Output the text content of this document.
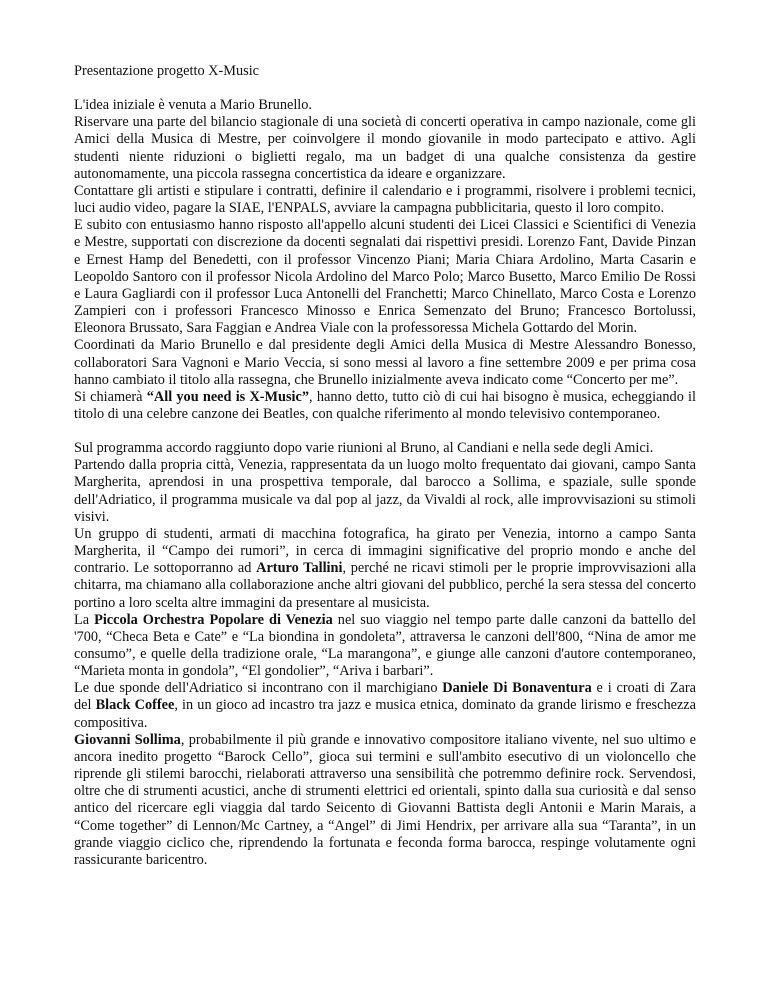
Presentazione progetto X-Music

L'idea iniziale è venuta a Mario Brunello.

Riservare una parte del bilancio stagionale di una società di concerti operativa in campo nazionale, come gli Amici della Musica di Mestre, per coinvolgere il mondo giovanile in modo partecipato e attivo. Agli studenti niente riduzioni o biglietti regalo, ma un badget di una qualche consistenza da gestire autonomamente, una piccola rassegna concertistica da ideare e organizzare.

Contattare gli artisti e stipulare i contratti, definire il calendario e i programmi, risolvere i problemi tecnici, luci audio video, pagare la SIAE, l'ENPALS, avviare la campagna pubblicitaria, questo il loro compito.

E subito con entusiasmo hanno risposto all'appello alcuni studenti dei Licei Classici e Scientifici di Venezia e Mestre, supportati con discrezione da docenti segnalati dai rispettivi presidi. Lorenzo Fant, Davide Pinzan e Ernest Hamp del Benedetti, con il professor Vincenzo Piani; Maria Chiara Ardolino, Marta Casarin e Leopoldo Santoro con il professor Nicola Ardolino del Marco Polo; Marco Busetto, Marco Emilio De Rossi e Laura Gagliardi con il professor Luca Antonelli del Franchetti; Marco Chinellato, Marco Costa e Lorenzo Zampieri con i professori Francesco Minosso e Enrica Semenzato del Bruno; Francesco Bortolussi, Eleonora Brussato, Sara Faggian e Andrea Viale con la professoressa Michela Gottardo del Morin.

Coordinati da Mario Brunello e dal presidente degli Amici della Musica di Mestre Alessandro Bonesso, collaboratori Sara Vagnoni e Mario Veccia, si sono messi al lavoro a fine settembre 2009 e per prima cosa hanno cambiato il titolo alla rassegna, che Brunello inizialmente aveva indicato come “Concerto per me”.

Si chiamerà “All you need is X-Music”, hanno detto, tutto ciò di cui hai bisogno è musica, echeggiando il titolo di una celebre canzone dei Beatles, con qualche riferimento al mondo televisivo contemporaneo.

Sul programma accordo raggiunto dopo varie riunioni al Bruno, al Candiani e nella sede degli Amici.

Partendo dalla propria città, Venezia, rappresentata da un luogo molto frequentato dai giovani, campo Santa Margherita, aprendosi in una prospettiva temporale, dal barocco a Sollima, e spaziale, sulle sponde dell'Adriatico, il programma musicale va dal pop al jazz, da Vivaldi al rock, alle improvvisazioni su stimoli visivi.

Un gruppo di studenti, armati di macchina fotografica, ha girato per Venezia, intorno a campo Santa Margherita, il “Campo dei rumori”, in cerca di immagini significative del proprio mondo e anche del contrario. Le sottoporranno ad Arturo Tallini, perché ne ricavi stimoli per le proprie improvvisazioni alla chitarra, ma chiamano alla collaborazione anche altri giovani del pubblico, perché la sera stessa del concerto portino a loro scelta altre immagini da presentare al musicista.

La Piccola Orchestra Popolare di Venezia nel suo viaggio nel tempo parte dalle canzoni da battello del '700, “Checa Beta e Cate” e “La biondina in gondoleta”, attraversa le canzoni dell'800, “Nina de amor me consumo”, e quelle della tradizione orale, “La marangona”, e giunge alle canzoni d'autore contemporaneo, “Marieta monta in gondola”, “El gondolier”, “Ariva i barbari”.

Le due sponde dell'Adriatico si incontrano con il marchigiano Daniele Di Bonaventura e i croati di Zara del Black Coffee, in un gioco ad incastro tra jazz e musica etnica, dominato da grande lirismo e freschezza compositiva.

Giovanni Sollima, probabilmente il più grande e innovativo compositore italiano vivente, nel suo ultimo e ancora inedito progetto “Barock Cello”, gioca sui termini e sull'ambito esecutivo di un violoncello che riprende gli stilemi barocchi, rielaborati attraverso una sensibilità che potremmo definire rock. Servendosi, oltre che di strumenti acustici, anche di strumenti elettrici ed orientali, spinto dalla sua curiosità e dal senso antico del ricercare egli viaggia dal tardo Seicento di Giovanni Battista degli Antonii e Marin Marais, a “Come together” di Lennon/Mc Cartney, a “Angel” di Jimi Hendrix, per arrivare alla sua “Taranta”, in un grande viaggio ciclico che, riprendendo la fortunata e feconda forma barocca, respinge volutamente ogni rassicurante baricentro.
